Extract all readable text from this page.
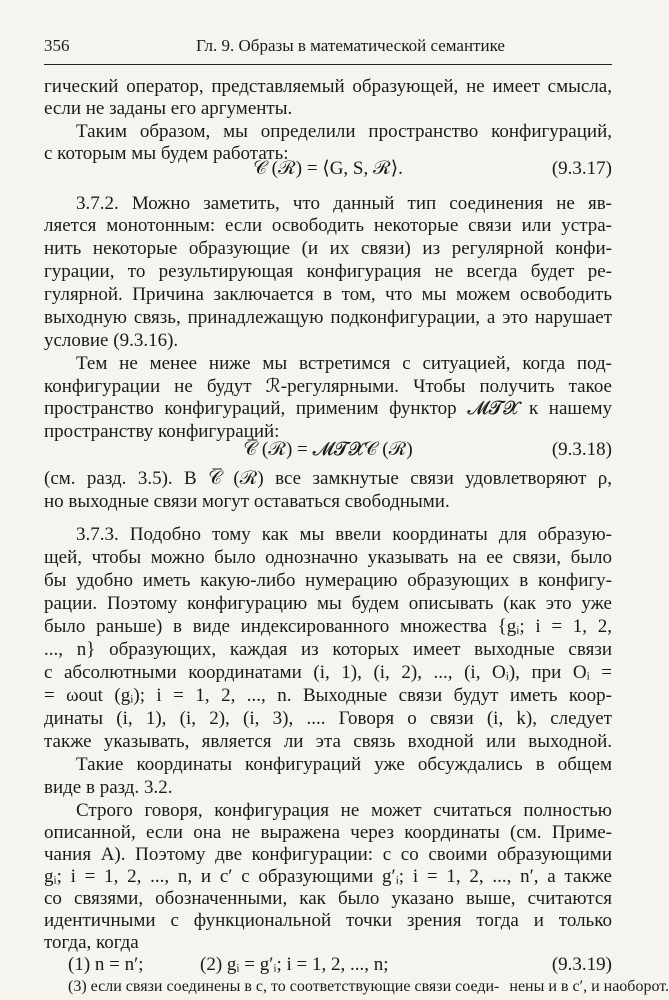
356	Гл. 9. Образы в математической семантике
гический оператор, представляемый образующей, не имеет смысла,
если не заданы его аргументы.
Таким образом, мы определили пространство конфигураций,
с которым мы будем работать:
𝒞 (ℛ) = ⟨G, S, ℛ⟩.	(9.3.17)
3.7.2. Можно заметить, что данный тип соединения не яв-
ляется монотонным: если освободить некоторые связи или устра-
нить некоторые образующие (и их связи) из регулярной конфи-
гурации, то результирующая конфигурация не всегда будет ре-
гулярной. Причина заключается в том, что мы можем освободить
выходную связь, принадлежащую подконфигурации, а это нарушает
условие (9.3.16).
Тем не менее ниже мы встретимся с ситуацией, когда под-
конфигурации не будут ℛ-регулярными. Чтобы получить такое
пространство конфигураций, применим функтор 𝓜𝓣𝓧 к нашему
пространству конфигураций:
𝒞̅ (ℛ) = 𝓜𝓣𝓧𝒞 (ℛ)	(9.3.18)
(см. разд. 3.5). В 𝒞̅ (ℛ) все замкнутые связи удовлетворяют ρ,
но выходные связи могут оставаться свободными.
3.7.3. Подобно тому как мы ввели координаты для образую-
щей, чтобы можно было однозначно указывать на ее связи, было
бы удобно иметь какую-либо нумерацию образующих в конфигу-
рации. Поэтому конфигурацию мы будем описывать (как это уже
было раньше) в виде индексированного множества {gᵢ; i = 1, 2,
..., n} образующих, каждая из которых имеет выходные связи
с абсолютными координатами (i, 1), (i, 2), ..., (i, Oᵢ), при Oᵢ =
= ωout (gᵢ); i = 1, 2, ..., n. Выходные связи будут иметь коор-
динаты (i, 1), (i, 2), (i, 3), .... Говоря о связи (i, k), следует
также указывать, является ли эта связь входной или выходной.
Такие координаты конфигураций уже обсуждались в общем
виде в разд. 3.2.
Строго говоря, конфигурация не может считаться полностью
описанной, если она не выражена через координаты (см. Приме-
чания А). Поэтому две конфигурации: c со своими образующими
gᵢ; i = 1, 2, ..., n, и c′ с образующими g′ᵢ; i = 1, 2, ..., n′, а также
со связями, обозначенными, как было указано выше, считаются
идентичными с функциональной точки зрения тогда и только
тогда, когда
(1) n = n′;	(2) gᵢ = g′ᵢ; i = 1, 2, ..., n;	(9.3.19)
(3) если связи соединены в c, то соответствующие связи соеди- нены и в c′, и наоборот.
